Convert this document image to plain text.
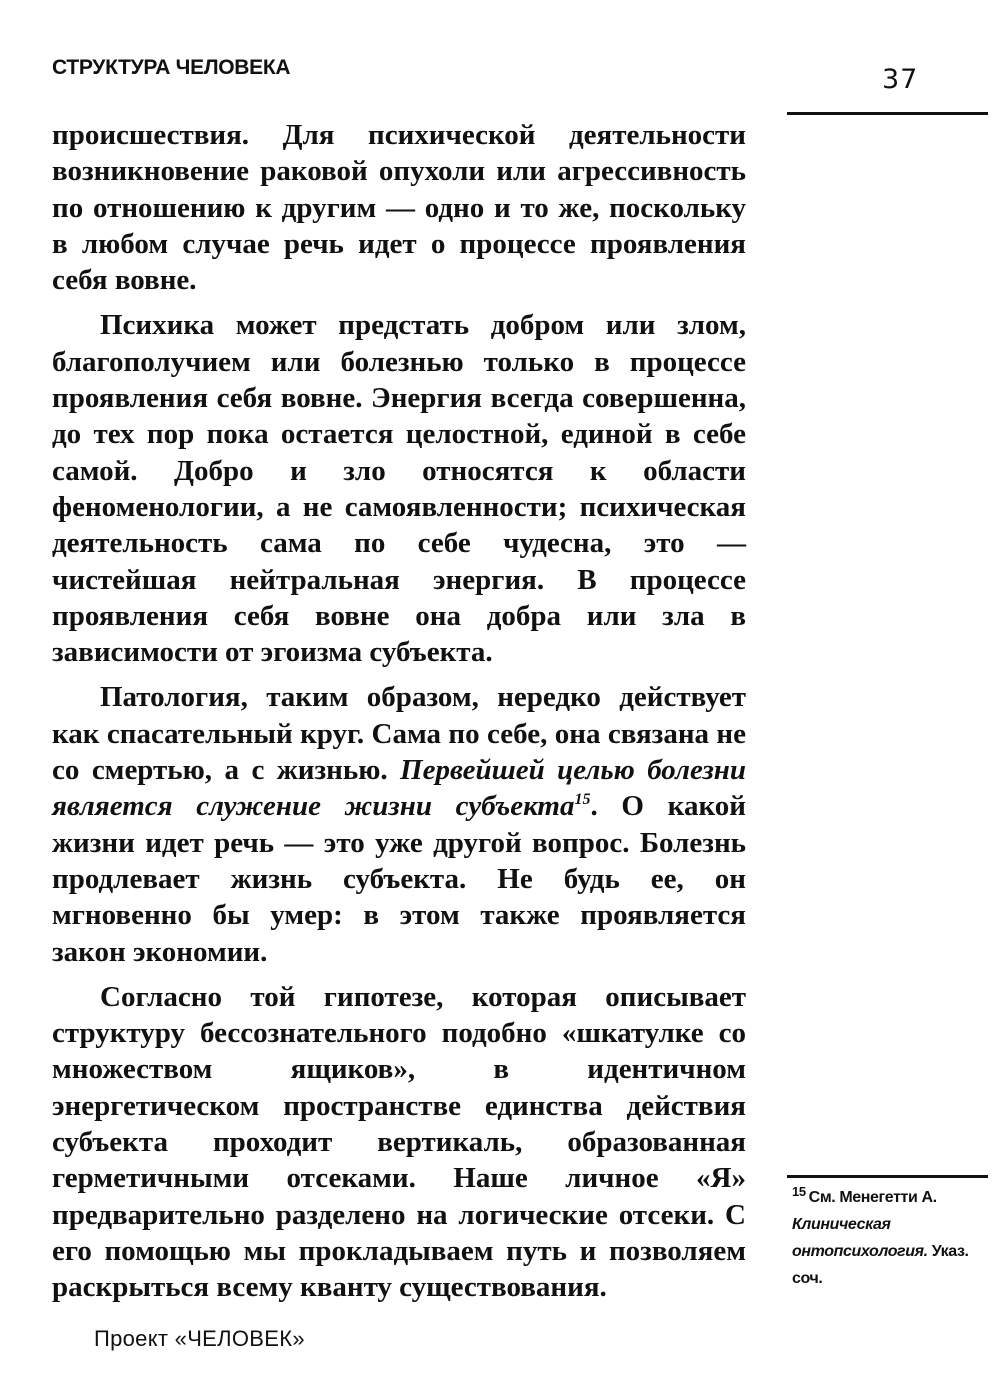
СТРУКТУРА ЧЕЛОВЕКА	37

происшествия. Для психической деятельности возникновение раковой опухоли или агрессивность по отношению к другим — одно и то же, поскольку в любом случае речь идет о процессе проявления себя вовне.

Психика может предстать добром или злом, благополучием или болезнью только в процессе проявления себя вовне. Энергия всегда совершенна, до тех пор пока остается целостной, единой в себе самой. Добро и зло относятся к области феноменологии, а не самоявленности; психическая деятельность сама по себе чудесна, это — чистейшая нейтральная энергия. В процессе проявления себя вовне она добра или зла в зависимости от эгоизма субъекта.

Патология, таким образом, нередко действует как спасательный круг. Сама по себе, она связана не со смертью, а с жизнью. Первейшей целью болезни является служение жизни субъекта$^{15}$. О какой жизни идет речь — это уже другой вопрос. Болезнь продлевает жизнь субъекта. Не будь ее, он мгновенно бы умер: в этом также проявляется закон экономии.

Согласно той гипотезе, которая описывает структуру бессознательного подобно «шкатулке со множеством ящиков», в идентичном энергетическом пространстве единства действия субъекта проходит вертикаль, образованная герметичными отсеками. Наше личное «Я» предварительно разделено на логические отсеки. С его помощью мы прокладываем путь и позволяем раскрыться всему кванту существования.

$^{15}$ См. Менегетти А. Клиническая онтопсихология. Указ. соч.
Проект «ЧЕЛОВЕК»
